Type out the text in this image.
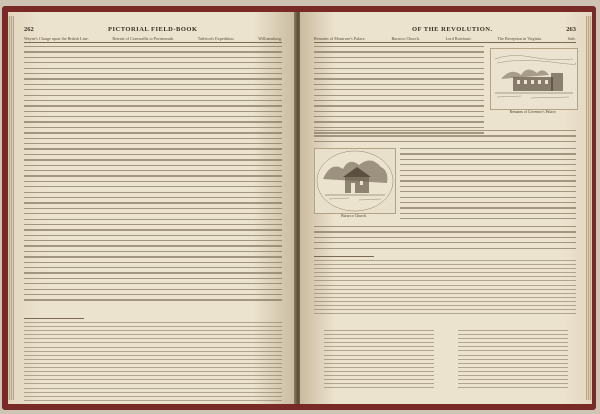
262	PICTORIAL FIELD-BOOK
Wayne's Charge upon the British Line.	Retreat of Cornwallis to Portsmouth.	Tarleton's Expedition.	Williamsburg.
OF THE REVOLUTION.	263
Remains of Montrose's Palace.	Buracco Church.	Lord Botetourt.	The Reception in Virginia.	Sale.
Remains of Governor's Palace.
Buracco Church.
